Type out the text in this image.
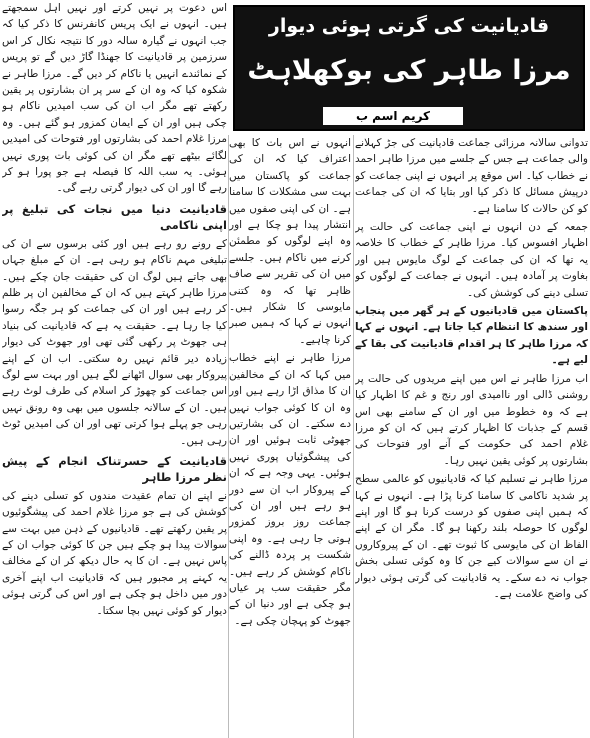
اس دعوت پر نہیں کرتے اور نہیں اہل سمجھتے ہیں۔ انہوں نے ایک پریس کانفرنس کا ذکر کیا کہ جب انہوں نے گیارہ سالہ دور کا نتیجہ نکال کر اس سرزمین پر قادیانیت کا جھنڈا گاڑ دیں گے تو پریس کے نمائندے انہیں یا ناکام کر دیں گے۔ مرزا طاہر نے شکوہ کیا کہ وہ ان کے سر پر ان بشارتوں پر یقین رکھتے تھے مگر اب ان کی سب امیدیں ناکام ہو چکی ہیں اور ان کے ایمان کمزور ہو گئے ہیں۔ وہ مرزا غلام احمد کی بشارتوں اور فتوحات کی امیدیں لگائے بیٹھے تھے مگر ان کی کوئی بات پوری نہیں ہوئی۔ یہ سب اللہ کا فیصلہ ہے جو پورا ہو کر رہے گا اور ان کی دیوار گرتی رہے گی۔

قادیانیت دنیا میں نجات کی تبلیغ پر اپنی ناکامی

کے رونے رو رہے ہیں اور کئی برسوں سے ان کی تبلیغی مہم ناکام ہو رہی ہے۔ ان کے مبلغ جہاں بھی جاتے ہیں لوگ ان کی حقیقت جان چکے ہیں۔ مرزا طاہر کہتے ہیں کہ ان کے مخالفین ان پر ظلم کر رہے ہیں اور ان کی جماعت کو ہر جگہ رسوا کیا جا رہا ہے۔ حقیقت یہ ہے کہ قادیانیت کی بنیاد ہی جھوٹ پر رکھی گئی تھی اور جھوٹ کی دیوار زیادہ دیر قائم نہیں رہ سکتی۔ اب ان کے اپنے پیروکار بھی سوال اٹھانے لگے ہیں اور بہت سے لوگ اس جماعت کو چھوڑ کر اسلام کی طرف لوٹ رہے ہیں۔ ان کے سالانہ جلسوں میں بھی وہ رونق نہیں رہی جو پہلے ہوا کرتی تھی اور ان کی امیدیں ٹوٹ رہی ہیں۔

قادیانیت کے حسرتناک انجام کے پیش نظر مرزا طاہر

نے اپنے ان تمام عقیدت مندوں کو تسلی دینے کی کوشش کی ہے جو مرزا غلام احمد کی پیشگوئیوں پر یقین رکھتے تھے۔ قادیانیوں کے ذہن میں بہت سے سوالات پیدا ہو چکے ہیں جن کا کوئی جواب ان کے پاس نہیں ہے۔ ان کا یہ حال دیکھ کر ان کے مخالف یہ کہنے پر مجبور ہیں کہ قادیانیت اب اپنے آخری دور میں داخل ہو چکی ہے اور اس کی گرتی ہوئی دیوار کو کوئی نہیں بچا سکتا۔

قادیانیت کی گرتی ہوئی دیوار
مرزا طاہر کی بوکھلاہٹ
کریم اسم ب

انہوں نے اس بات کا بھی اعتراف کیا کہ ان کی جماعت کو پاکستان میں بہت سی مشکلات کا سامنا ہے۔ ان کی اپنی صفوں میں انتشار پیدا ہو چکا ہے اور وہ اپنے لوگوں کو مطمئن کرنے میں ناکام ہیں۔ جلسے میں ان کی تقریر سے صاف ظاہر تھا کہ وہ کتنی مایوسی کا شکار ہیں۔ انہوں نے کہا کہ ہمیں صبر کرنا چاہیے۔

مرزا طاہر نے اپنے خطاب میں کہا کہ ان کے مخالفین ان کا مذاق اڑا رہے ہیں اور وہ ان کا کوئی جواب نہیں دے سکتے۔ ان کی بشارتیں جھوٹی ثابت ہوئیں اور ان کی پیشگوئیاں پوری نہیں ہوئیں۔ یہی وجہ ہے کہ ان کے پیروکار اب ان سے دور ہو رہے ہیں اور ان کی جماعت روز بروز کمزور ہوتی جا رہی ہے۔ وہ اپنی شکست پر پردہ ڈالنے کی ناکام کوشش کر رہے ہیں۔ مگر حقیقت سب پر عیاں ہو چکی ہے اور دنیا ان کے جھوٹ کو پہچان چکی ہے۔

تدوانی سالانہ مرزائی جماعت قادیانیت کی جڑ کہلانے والی جماعت ہے جس کے جلسے میں مرزا طاہر احمد نے خطاب کیا۔ اس موقع پر انہوں نے اپنی جماعت کو درپیش مسائل کا ذکر کیا اور بتایا کہ ان کی جماعت کو کن حالات کا سامنا ہے۔

جمعہ کے دن انہوں نے اپنی جماعت کی حالت پر اظہار افسوس کیا۔ مرزا طاہر کے خطاب کا خلاصہ یہ تھا کہ ان کی جماعت کے لوگ مایوس ہیں اور بغاوت پر آمادہ ہیں۔ انہوں نے جماعت کے لوگوں کو تسلی دینے کی کوشش کی۔

پاکستان میں قادیانیوں کے ہر گھر میں پنجاب اور سندھ کا انتظام کیا جاتا ہے۔ انہوں نے کہا کہ مرزا طاہر کا ہر اقدام قادیانیت کی بقا کے لیے ہے۔

اب مرزا طاہر نے اس میں اپنے مریدوں کی حالت پر روشنی ڈالی اور ناامیدی اور رنج و غم کا اظہار کیا ہے کہ وہ خطوط میں اور ان کے سامنے بھی اس قسم کے جذبات کا اظہار کرتے ہیں کہ ان کو مرزا غلام احمد کی حکومت کے آنے اور فتوحات کی بشارتوں پر کوئی یقین نہیں رہا۔

مرزا طاہر نے تسلیم کیا کہ قادیانیوں کو عالمی سطح پر شدید ناکامی کا سامنا کرنا پڑا ہے۔ انہوں نے کہا کہ ہمیں اپنی صفوں کو درست کرنا ہو گا اور اپنے لوگوں کا حوصلہ بلند رکھنا ہو گا۔ مگر ان کے اپنے الفاظ ان کی مایوسی کا ثبوت تھے۔ ان کے پیروکاروں نے ان سے سوالات کیے جن کا وہ کوئی تسلی بخش جواب نہ دے سکے۔ یہ قادیانیت کی گرتی ہوئی دیوار کی واضح علامت ہے۔
